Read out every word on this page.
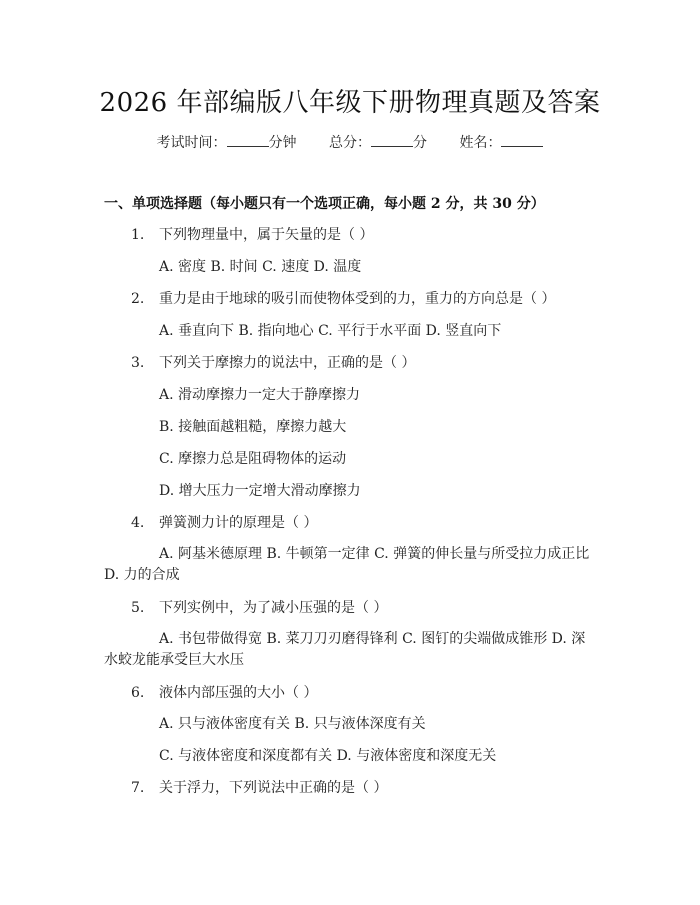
2026 年部编版八年级下册物理真题及答案
考试时间：	分钟 总分：	分 姓名：
一、单项选择题（每小题只有一个选项正确，每小题 2 分，共 30 分）
1. 下列物理量中，属于矢量的是（ ）
A. 密度 B. 时间 C. 速度 D. 温度
2. 重力是由于地球的吸引而使物体受到的力，重力的方向总是（ ）
A. 垂直向下 B. 指向地心 C. 平行于水平面 D. 竖直向下
3. 下列关于摩擦力的说法中，正确的是（ ）
A. 滑动摩擦力一定大于静摩擦力
B. 接触面越粗糙，摩擦力越大
C. 摩擦力总是阻碍物体的运动
D. 增大压力一定增大滑动摩擦力
4. 弹簧测力计的原理是（ ）
A. 阿基米德原理 B. 牛顿第一定律 C. 弹簧的伸长量与所受拉力成正比
D. 力的合成
5. 下列实例中，为了减小压强的是（ ）
A. 书包带做得宽 B. 菜刀刀刃磨得锋利 C. 图钉的尖端做成锥形 D. 深
水蛟龙能承受巨大水压
6. 液体内部压强的大小（ ）
A. 只与液体密度有关 B. 只与液体深度有关
C. 与液体密度和深度都有关 D. 与液体密度和深度无关
7. 关于浮力，下列说法中正确的是（ ）
